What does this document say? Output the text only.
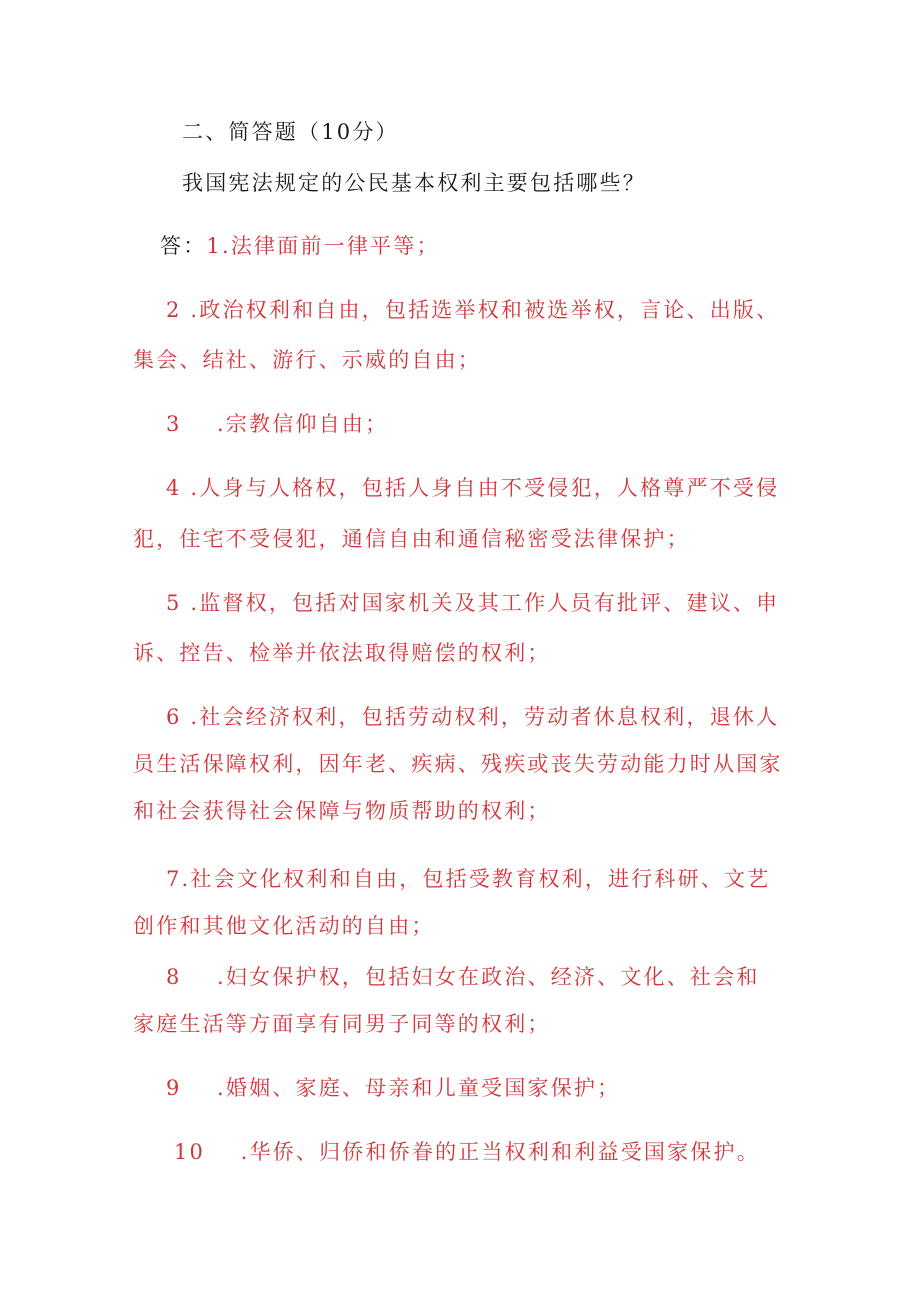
二、简答题（10分）
我国宪法规定的公民基本权利主要包括哪些？
答：1.法律面前一律平等；
2 .政治权利和自由，包括选举权和被选举权，言论、出版、
集会、结社、游行、示威的自由；
3    .宗教信仰自由；
4 .人身与人格权，包括人身自由不受侵犯，人格尊严不受侵
犯，住宅不受侵犯，通信自由和通信秘密受法律保护；
5 .监督权，包括对国家机关及其工作人员有批评、建议、申
诉、控告、检举并依法取得赔偿的权利；
6 .社会经济权利，包括劳动权利，劳动者休息权利，退休人
员生活保障权利，因年老、疾病、残疾或丧失劳动能力时从国家
和社会获得社会保障与物质帮助的权利；
7.社会文化权利和自由，包括受教育权利，进行科研、文艺
创作和其他文化活动的自由；
8    .妇女保护权，包括妇女在政治、经济、文化、社会和
家庭生活等方面享有同男子同等的权利；
9    .婚姻、家庭、母亲和儿童受国家保护；
10    .华侨、归侨和侨眷的正当权利和利益受国家保护。
